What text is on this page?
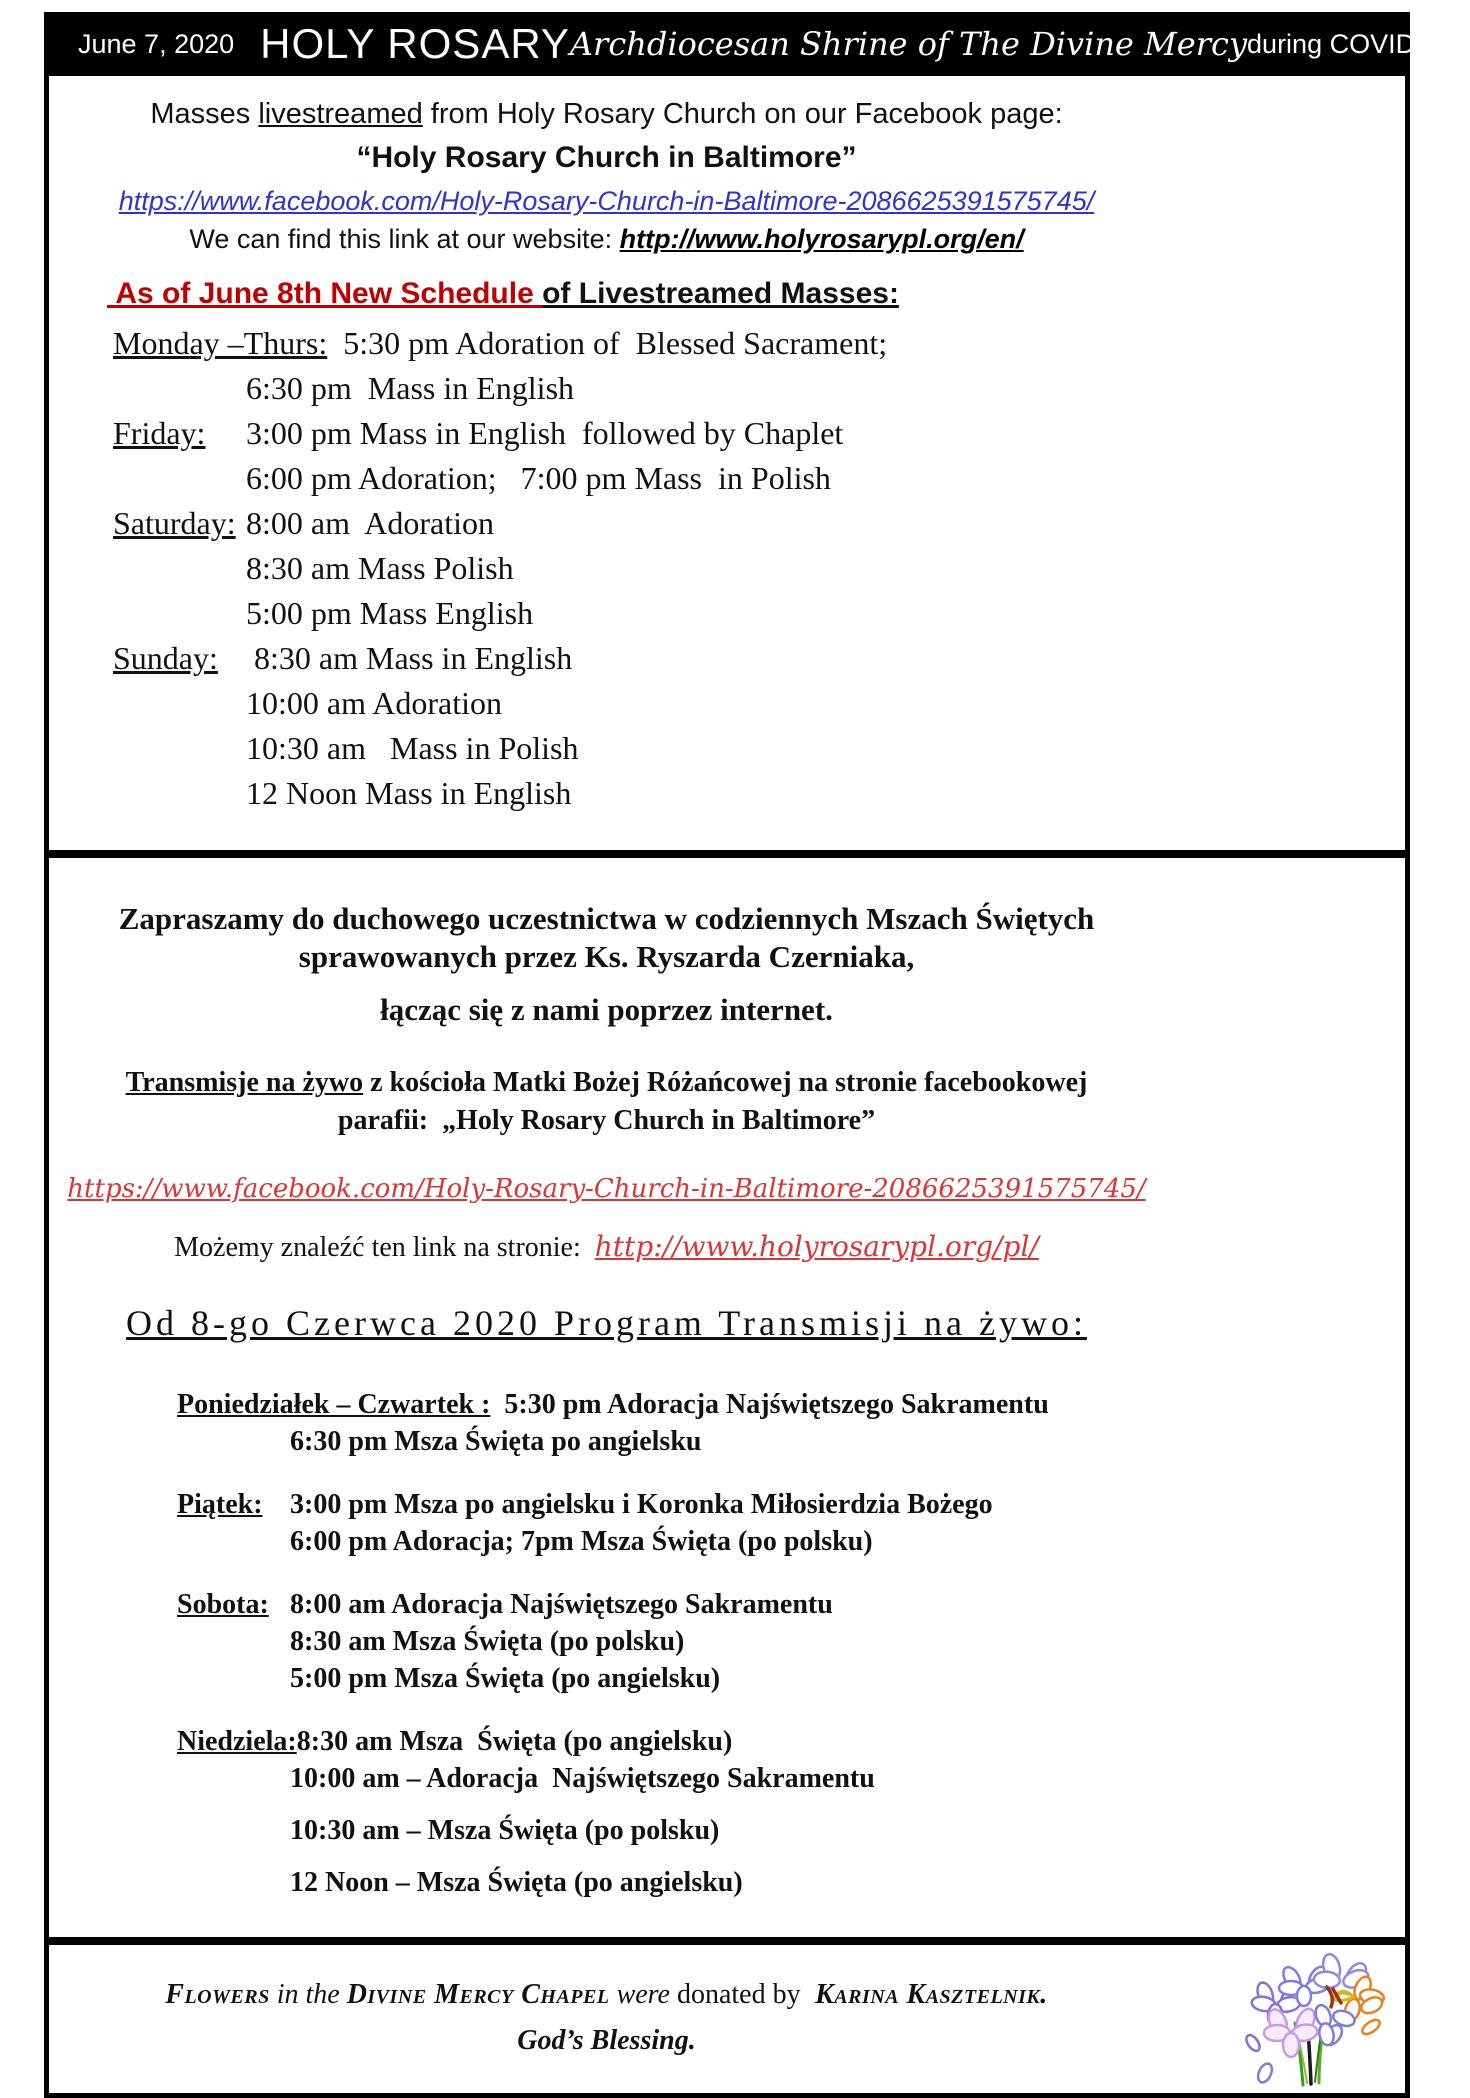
June 7, 2020 HOLY ROSARY Archdiocesan Shrine of The Divine Mercy during COVID-19
Masses livestreamed from Holy Rosary Church on our Facebook page:
“Holy Rosary Church in Baltimore”
https://www.facebook.com/Holy-Rosary-Church-in-Baltimore-2086625391575745/
We can find this link at our website: http://www.holyrosarypl.org/en/
As of June 8th New Schedule of Livestreamed Masses:
Monday –Thurs:  5:30 pm Adoration of  Blessed Sacrament;
6:30 pm  Mass in English
Friday: 3:00 pm Mass in English  followed by Chaplet
6:00 pm Adoration;   7:00 pm Mass  in Polish
Saturday: 8:00 am  Adoration
8:30 am Mass Polish
5:00 pm Mass English
Sunday: 8:30 am Mass in English
10:00 am Adoration
10:30 am   Mass in Polish
12 Noon Mass in English
Zapraszamy do duchowego uczestnictwa w codziennych Mszach Świętych
sprawowanych przez Ks. Ryszarda Czerniaka,
łącząc się z nami poprzez internet.
Transmisje na żywo z kościoła Matki Bożej Różańcowej na stronie facebookowej parafii:  „Holy Rosary Church in Baltimore”
https://www.facebook.com/Holy-Rosary-Church-in-Baltimore-2086625391575745/
Możemy znaleźć ten link na stronie:  http://www.holyrosarypl.org/pl/
Od 8-go Czerwca 2020 Program Transmisji na żywo:
Poniedziałek – Czwartek :  5:30 pm Adoracja Najświętszego Sakramentu
6:30 pm Msza Święta po angielsku
Piątek: 3:00 pm Msza po angielsku i Koronka Miłosierdzia Bożego
6:00 pm Adoracja; 7pm Msza Święta (po polsku)
Sobota: 8:00 am Adoracja Najświętszego Sakramentu
8:30 am Msza Święta (po polsku)
5:00 pm Msza Święta (po angielsku)
Niedziela:8:30 am Msza  Święta (po angielsku)
10:00 am – Adoracja  Najświętszego Sakramentu
10:30 am – Msza Święta (po polsku)
12 Noon – Msza Święta (po angielsku)
Flowers in the Divine Mercy Chapel were donated by  Karina Kasztelnik.
God’s Blessing.
